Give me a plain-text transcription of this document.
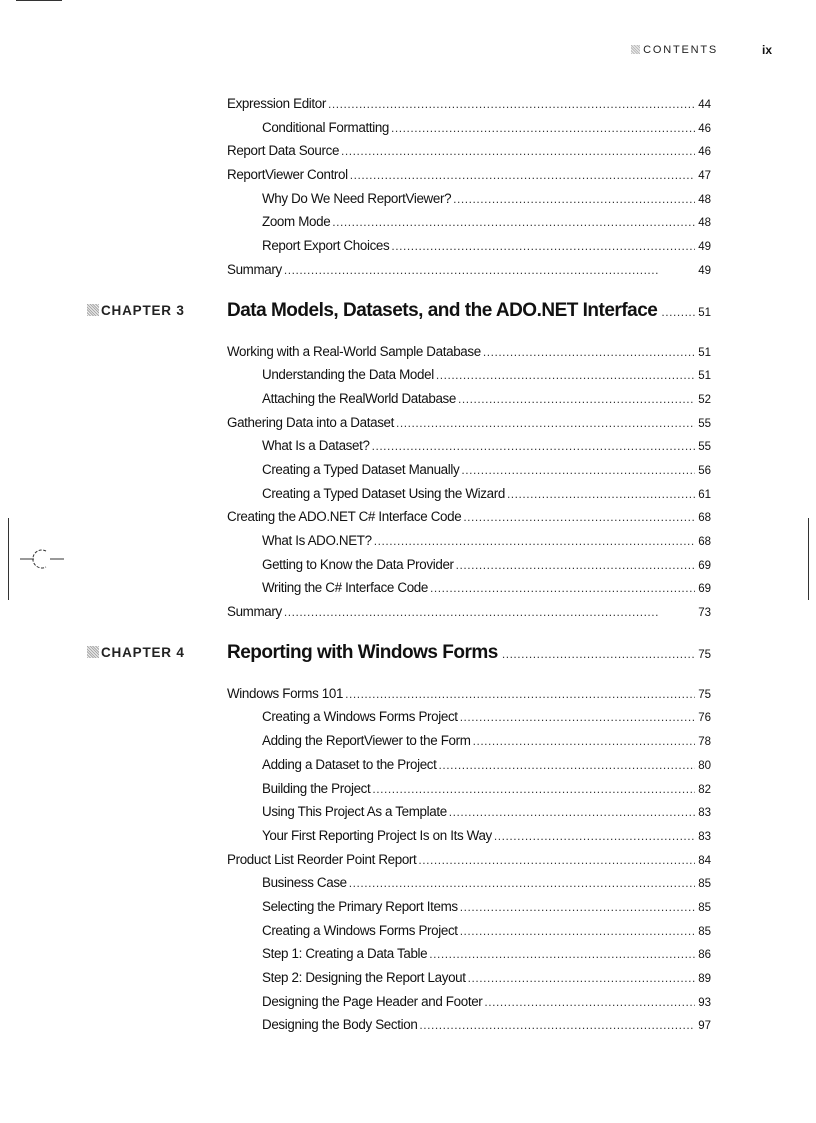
CONTENTS	ix
Expression Editor . . .	44
Conditional Formatting . . .	46
Report Data Source . . .	46
ReportViewer Control . . .	47
Why Do We Need ReportViewer? . . .	48
Zoom Mode . . .	48
Report Export Choices . . .	49
Summary . . .	49
CHAPTER 3 Data Models, Datasets, and the ADO.NET Interface . . .	51
Working with a Real-World Sample Database . . .	51
Understanding the Data Model . . .	51
Attaching the RealWorld Database . . .	52
Gathering Data into a Dataset . . .	55
What Is a Dataset? . . .	55
Creating a Typed Dataset Manually . . .	56
Creating a Typed Dataset Using the Wizard . . .	61
Creating the ADO.NET C# Interface Code . . .	68
What Is ADO.NET? . . .	68
Getting to Know the Data Provider . . .	69
Writing the C# Interface Code . . .	69
Summary . . .	73
CHAPTER 4 Reporting with Windows Forms . . .	75
Windows Forms 101 . . .	75
Creating a Windows Forms Project . . .	76
Adding the ReportViewer to the Form . . .	78
Adding a Dataset to the Project . . .	80
Building the Project . . .	82
Using This Project As a Template . . .	83
Your First Reporting Project Is on Its Way . . .	83
Product List Reorder Point Report . . .	84
Business Case . . .	85
Selecting the Primary Report Items . . .	85
Creating a Windows Forms Project . . .	85
Step 1: Creating a Data Table . . .	86
Step 2: Designing the Report Layout . . .	89
Designing the Page Header and Footer . . .	93
Designing the Body Section . . .	97
